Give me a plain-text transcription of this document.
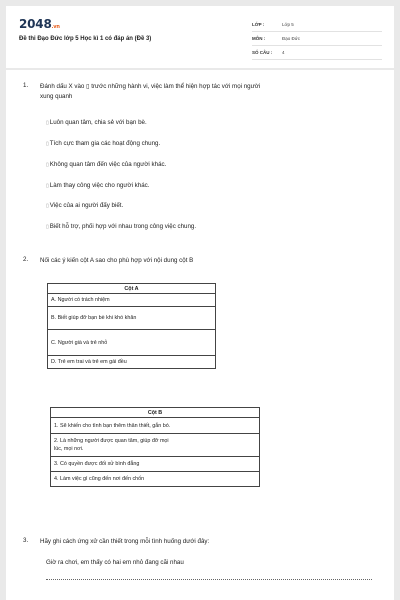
2048.vn
Đề thi Đạo Đức lớp 5 Học kì 1 có đáp án (Đề 3)
LỚP :	Lớp 5
MÔN :	Đạo Đức
SỐ CÂU :	4
1. Đánh dấu X vào ▯ trước những hành vi, việc làm thể hiện hợp tác với mọi người
xung quanh
▯Luôn quan tâm, chia sẻ với bạn bè.
▯Tích cực tham gia các hoạt động chung.
▯Không quan tâm đến việc của người khác.
▯Làm thay công việc cho người khác.
▯Việc của ai người đấy biết.
▯Biết hỗ trợ, phối hợp với nhau trong công việc chung.
2. Nối các ý kiến cột A sao cho phù hợp với nội dung cột B
Cột A
A. Người có trách nhiệm
B. Biết giúp đỡ bạn bè khi khó khăn
C. Người già và trẻ nhỏ
D. Trẻ em trai và trẻ em gái đều
Cột B
1. Sẽ khiến cho tình bạn thêm thân thiết, gắn bó.
2. Là những người được quan tâm, giúp đỡ mọi
lúc, mọi nơi.
3. Có quyền được đối xử bình đẳng
4. Làm việc gì cũng đến nơi đến chốn
3. Hãy ghi cách ứng xử cần thiết trong mỗi tình huống dưới đây:
Giờ ra chơi, em thấy có hai em nhỏ đang cãi nhau
